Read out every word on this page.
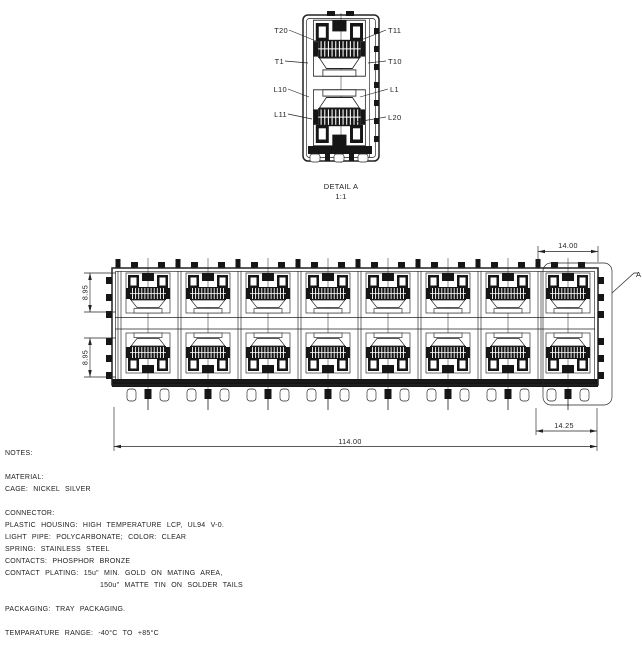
T20	T11
T1	T10
L10	L1
L11	L20
DETAIL A
1:1
A
14.00
8.95
8.95
14.25
114.00
NOTES:
MATERIAL:
CAGE: NICKEL SILVER
CONNECTOR:
PLASTIC HOUSING: HIGH TEMPERATURE LCP, UL94 V-0.
LIGHT PIPE: POLYCARBONATE; COLOR: CLEAR
SPRING: STAINLESS STEEL
CONTACTS: PHOSPHOR BRONZE
CONTACT PLATING: 15u" MIN. GOLD ON MATING AREA,
150u" MATTE TIN ON SOLDER TAILS
PACKAGING: TRAY PACKAGING.
TEMPARATURE RANGE: -40°C TO +85°C
